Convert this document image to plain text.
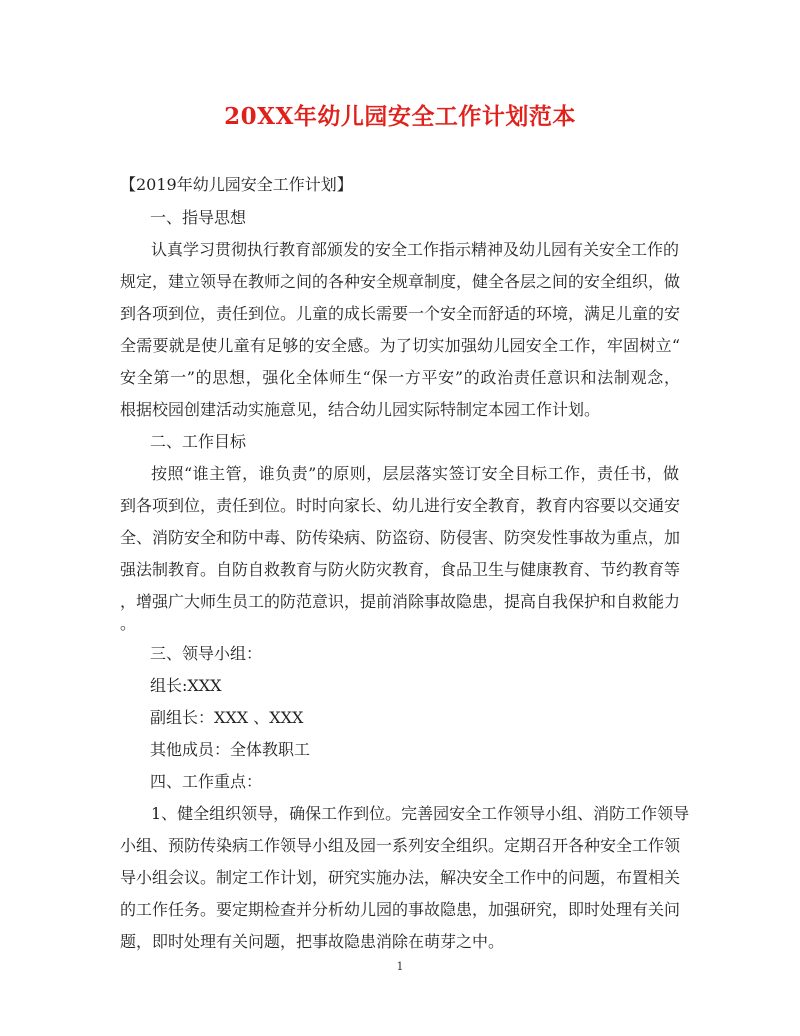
20XX年幼儿园安全工作计划范本
【2019年幼儿园安全工作计划】
一、指导思想
认真学习贯彻执行教育部颁发的安全工作指示精神及幼儿园有关安全工作的
规定，建立领导在教师之间的各种安全规章制度，健全各层之间的安全组织，做
到各项到位，责任到位。儿童的成长需要一个安全而舒适的环境，满足儿童的安
全需要就是使儿童有足够的安全感。为了切实加强幼儿园安全工作，牢固树立“
安全第一”的思想，强化全体师生“保一方平安”的政治责任意识和法制观念，
根据校园创建活动实施意见，结合幼儿园实际特制定本园工作计划。
二、工作目标
按照“谁主管，谁负责”的原则，层层落实签订安全目标工作，责任书，做
到各项到位，责任到位。时时向家长、幼儿进行安全教育，教育内容要以交通安
全、消防安全和防中毒、防传染病、防盗窃、防侵害、防突发性事故为重点，加
强法制教育。自防自救教育与防火防灾教育，食品卫生与健康教育、节约教育等
，增强广大师生员工的防范意识，提前消除事故隐患，提高自我保护和自救能力
。
三、领导小组：
组长:XXX
副组长：XXX 、XXX
其他成员：全体教职工
四、工作重点：
1、健全组织领导，确保工作到位。完善园安全工作领导小组、消防工作领导
小组、预防传染病工作领导小组及园一系列安全组织。定期召开各种安全工作领
导小组会议。制定工作计划，研究实施办法，解决安全工作中的问题，布置相关
的工作任务。要定期检查并分析幼儿园的事故隐患，加强研究，即时处理有关问
题，即时处理有关问题，把事故隐患消除在萌芽之中。
1
